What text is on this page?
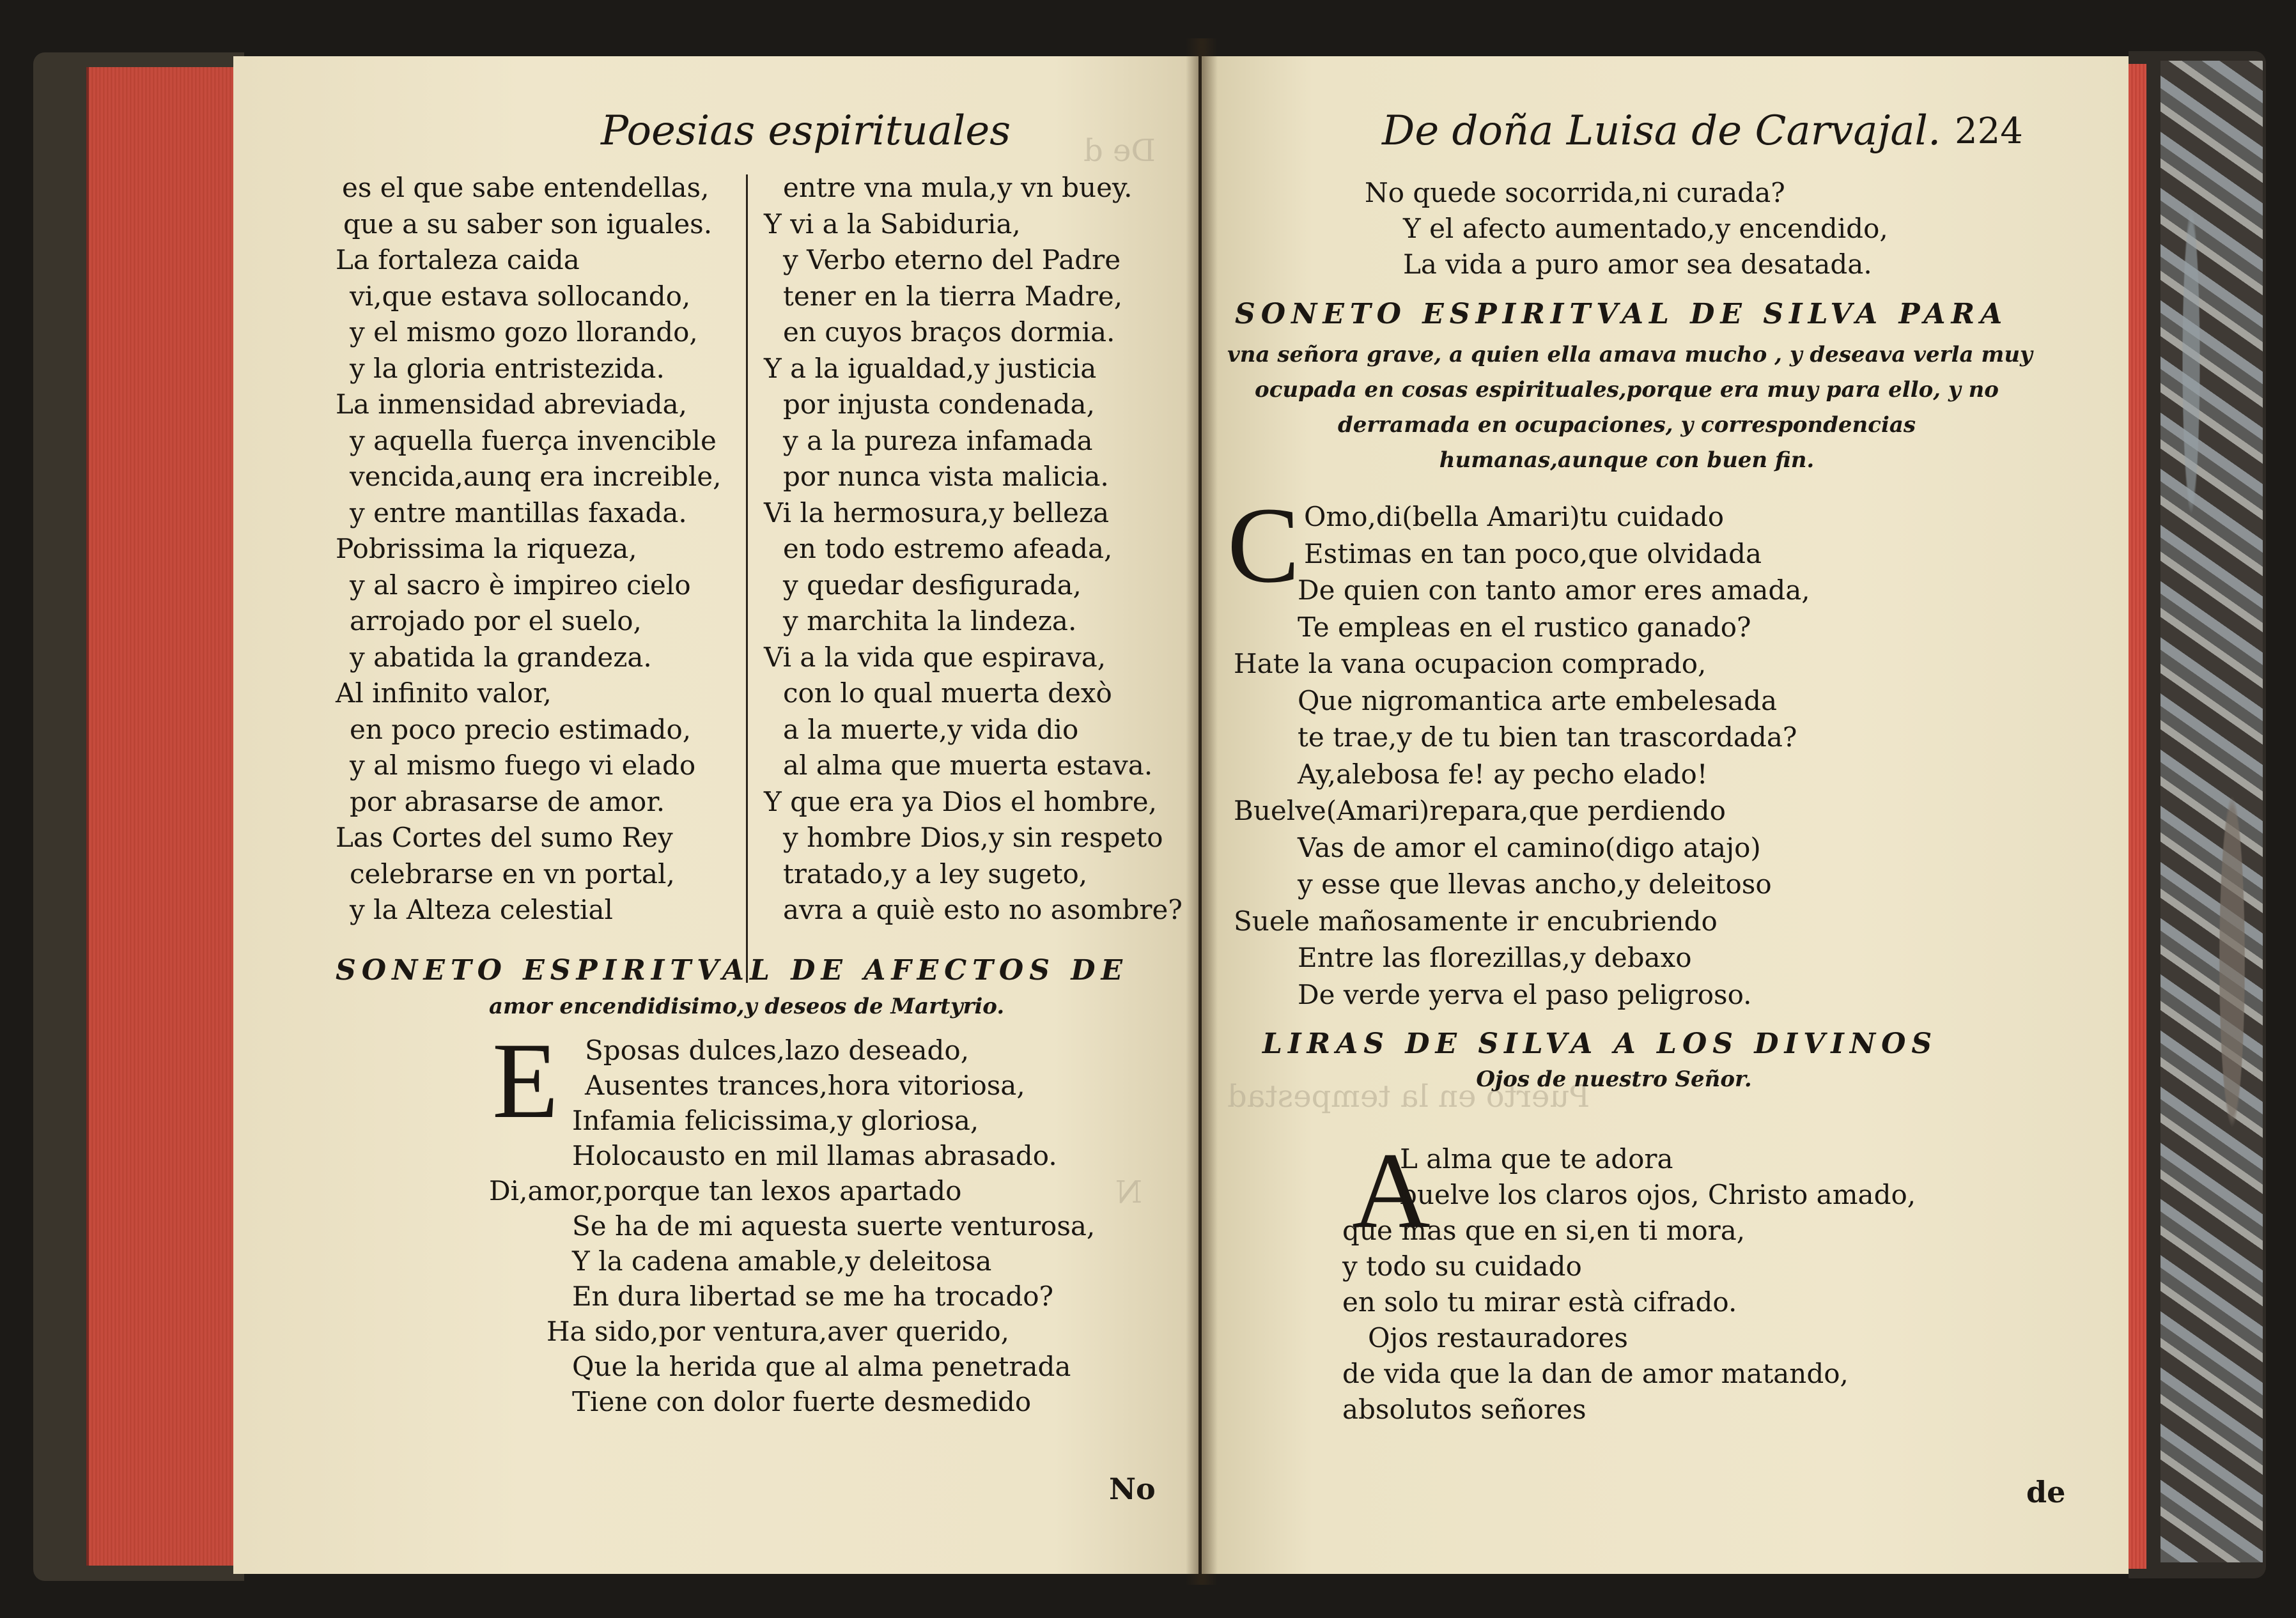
De d
N
Poesias espirituales
es el que sabe entendellas,
que a su saber son iguales.
La fortaleza caida
vi,que estava sollocando,
y el mismo gozo llorando,
y la gloria entristezida.
La inmensidad abreviada,
y aquella fuerça invencible
vencida,aunq era increible,
y entre mantillas faxada.
Pobrissima la riqueza,
y al sacro è impireo cielo
arrojado por el suelo,
y abatida la grandeza.
Al infinito valor,
en poco precio estimado,
y al mismo fuego vi elado
por abrasarse de amor.
Las Cortes del sumo Rey
celebrarse en vn portal,
y la Alteza celestial
entre vna mula,y vn buey.
Y vi a la Sabiduria,
y Verbo eterno del Padre
tener en la tierra Madre,
en cuyos braços dormia.
Y a la igualdad,y justicia
por injusta condenada,
y a la pureza infamada
por nunca vista malicia.
Vi la hermosura,y belleza
en todo estremo afeada,
y quedar desfigurada,
y marchita la lindeza.
Vi a la vida que espirava,
con lo qual muerta dexò
a la muerte,y vida dio
al alma que muerta estava.
Y que era ya Dios el hombre,
y hombre Dios,y sin respeto
tratado,y a ley sugeto,
avra a quiè esto no asombre?
SONETO ESPIRITVAL DE AFECTOS DE
amor encendidisimo,y deseos de Martyrio.
E Sposas dulces,lazo deseado,
Ausentes trances,hora vitoriosa,
Infamia felicissima,y gloriosa,
Holocausto en mil llamas abrasado.
Di,amor,porque tan lexos apartado
Se ha de mi aquesta suerte venturosa,
Y la cadena amable,y deleitosa
En dura libertad se me ha trocado?
Ha sido,por ventura,aver querido,
Que la herida que al alma penetrada
Tiene con dolor fuerte desmedido
No
Puerto en la tempestad
De doña Luisa de Carvajal. 224
No quede socorrida,ni curada?
Y el afecto aumentado,y encendido,
La vida a puro amor sea desatada.
SONETO ESPIRITVAL DE SILVA PARA
vna señora grave, a quien ella amava mucho , y deseava verla muy
ocupada en cosas espirituales,porque era muy para ello, y no
derramada en ocupaciones, y correspondencias
humanas,aunque con buen fin.
C Omo,di(bella Amari)tu cuidado
Estimas en tan poco,que olvidada
De quien con tanto amor eres amada,
Te empleas en el rustico ganado?
Hate la vana ocupacion comprado,
Que nigromantica arte embelesada
te trae,y de tu bien tan trascordada?
Ay,alebosa fe! ay pecho elado!
Buelve(Amari)repara,que perdiendo
Vas de amor el camino(digo atajo)
y esse que llevas ancho,y deleitoso
Suele mañosamente ir encubriendo
Entre las florezillas,y debaxo
De verde yerva el paso peligroso.
LIRAS DE SILVA A LOS DIVINOS
Ojos de nuestro Señor.
A
L alma que te adora
buelve los claros ojos, Christo amado,
que mas que en si,en ti mora,
y todo su cuidado
en solo tu mirar està cifrado.
Ojos restauradores
de vida que la dan de amor matando,
absolutos señores
de
